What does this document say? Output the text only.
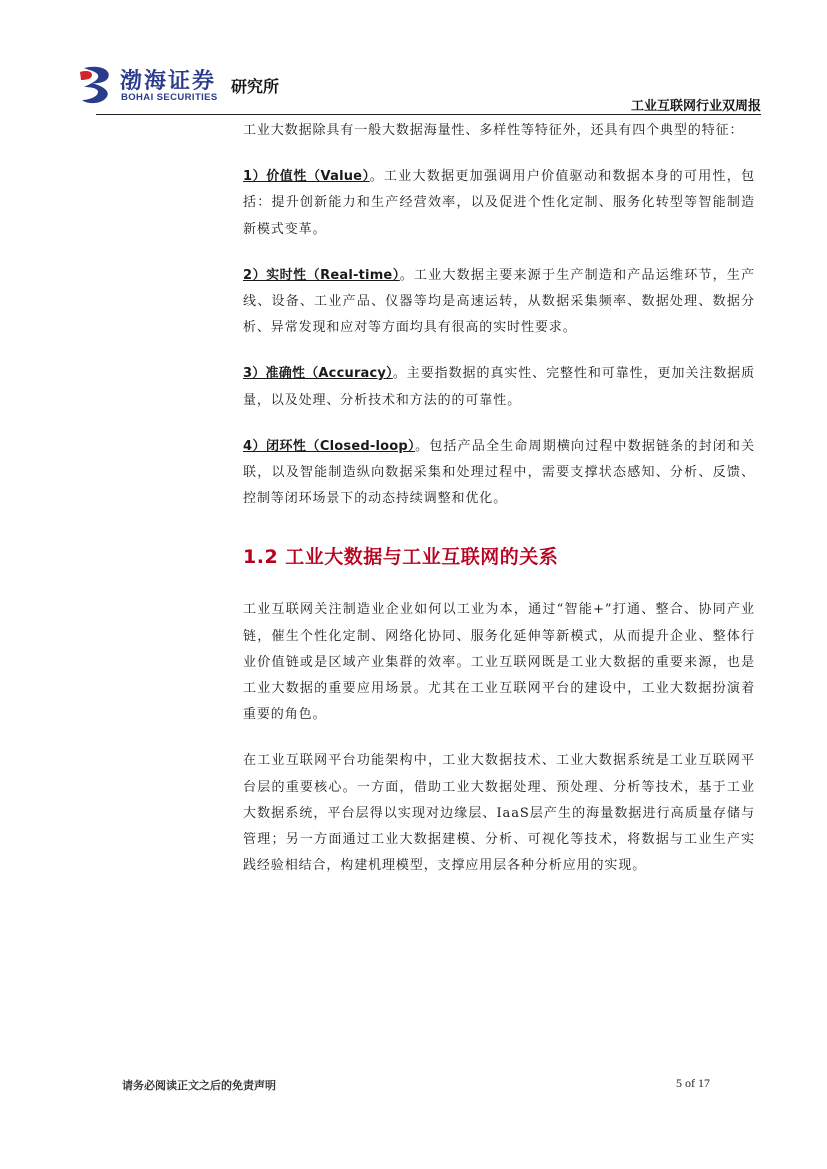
渤海证券
BOHAI SECURITIES
研究所
工业互联网行业双周报

工业大数据除具有一般大数据海量性、多样性等特征外，还具有四个典型的特征：

1）价值性（Value）。工业大数据更加强调用户价值驱动和数据本身的可用性，包括：提升创新能力和生产经营效率，以及促进个性化定制、服务化转型等智能制造新模式变革。

2）实时性（Real-time）。工业大数据主要来源于生产制造和产品运维环节，生产线、设备、工业产品、仪器等均是高速运转，从数据采集频率、数据处理、数据分析、异常发现和应对等方面均具有很高的实时性要求。

3）准确性（Accuracy）。主要指数据的真实性、完整性和可靠性，更加关注数据质量，以及处理、分析技术和方法的的可靠性。

4）闭环性（Closed-loop）。包括产品全生命周期横向过程中数据链条的封闭和关联，以及智能制造纵向数据采集和处理过程中，需要支撑状态感知、分析、反馈、控制等闭环场景下的动态持续调整和优化。

1.2 工业大数据与工业互联网的关系

工业互联网关注制造业企业如何以工业为本，通过“智能+”打通、整合、协同产业链，催生个性化定制、网络化协同、服务化延伸等新模式，从而提升企业、整体行业价值链或是区域产业集群的效率。工业互联网既是工业大数据的重要来源，也是工业大数据的重要应用场景。尤其在工业互联网平台的建设中，工业大数据扮演着重要的角色。

在工业互联网平台功能架构中，工业大数据技术、工业大数据系统是工业互联网平台层的重要核心。一方面，借助工业大数据处理、预处理、分析等技术，基于工业大数据系统，平台层得以实现对边缘层、IaaS层产生的海量数据进行高质量存储与管理；另一方面通过工业大数据建模、分析、可视化等技术，将数据与工业生产实践经验相结合，构建机理模型，支撑应用层各种分析应用的实现。

请务必阅读正文之后的免责声明	5 of 17
